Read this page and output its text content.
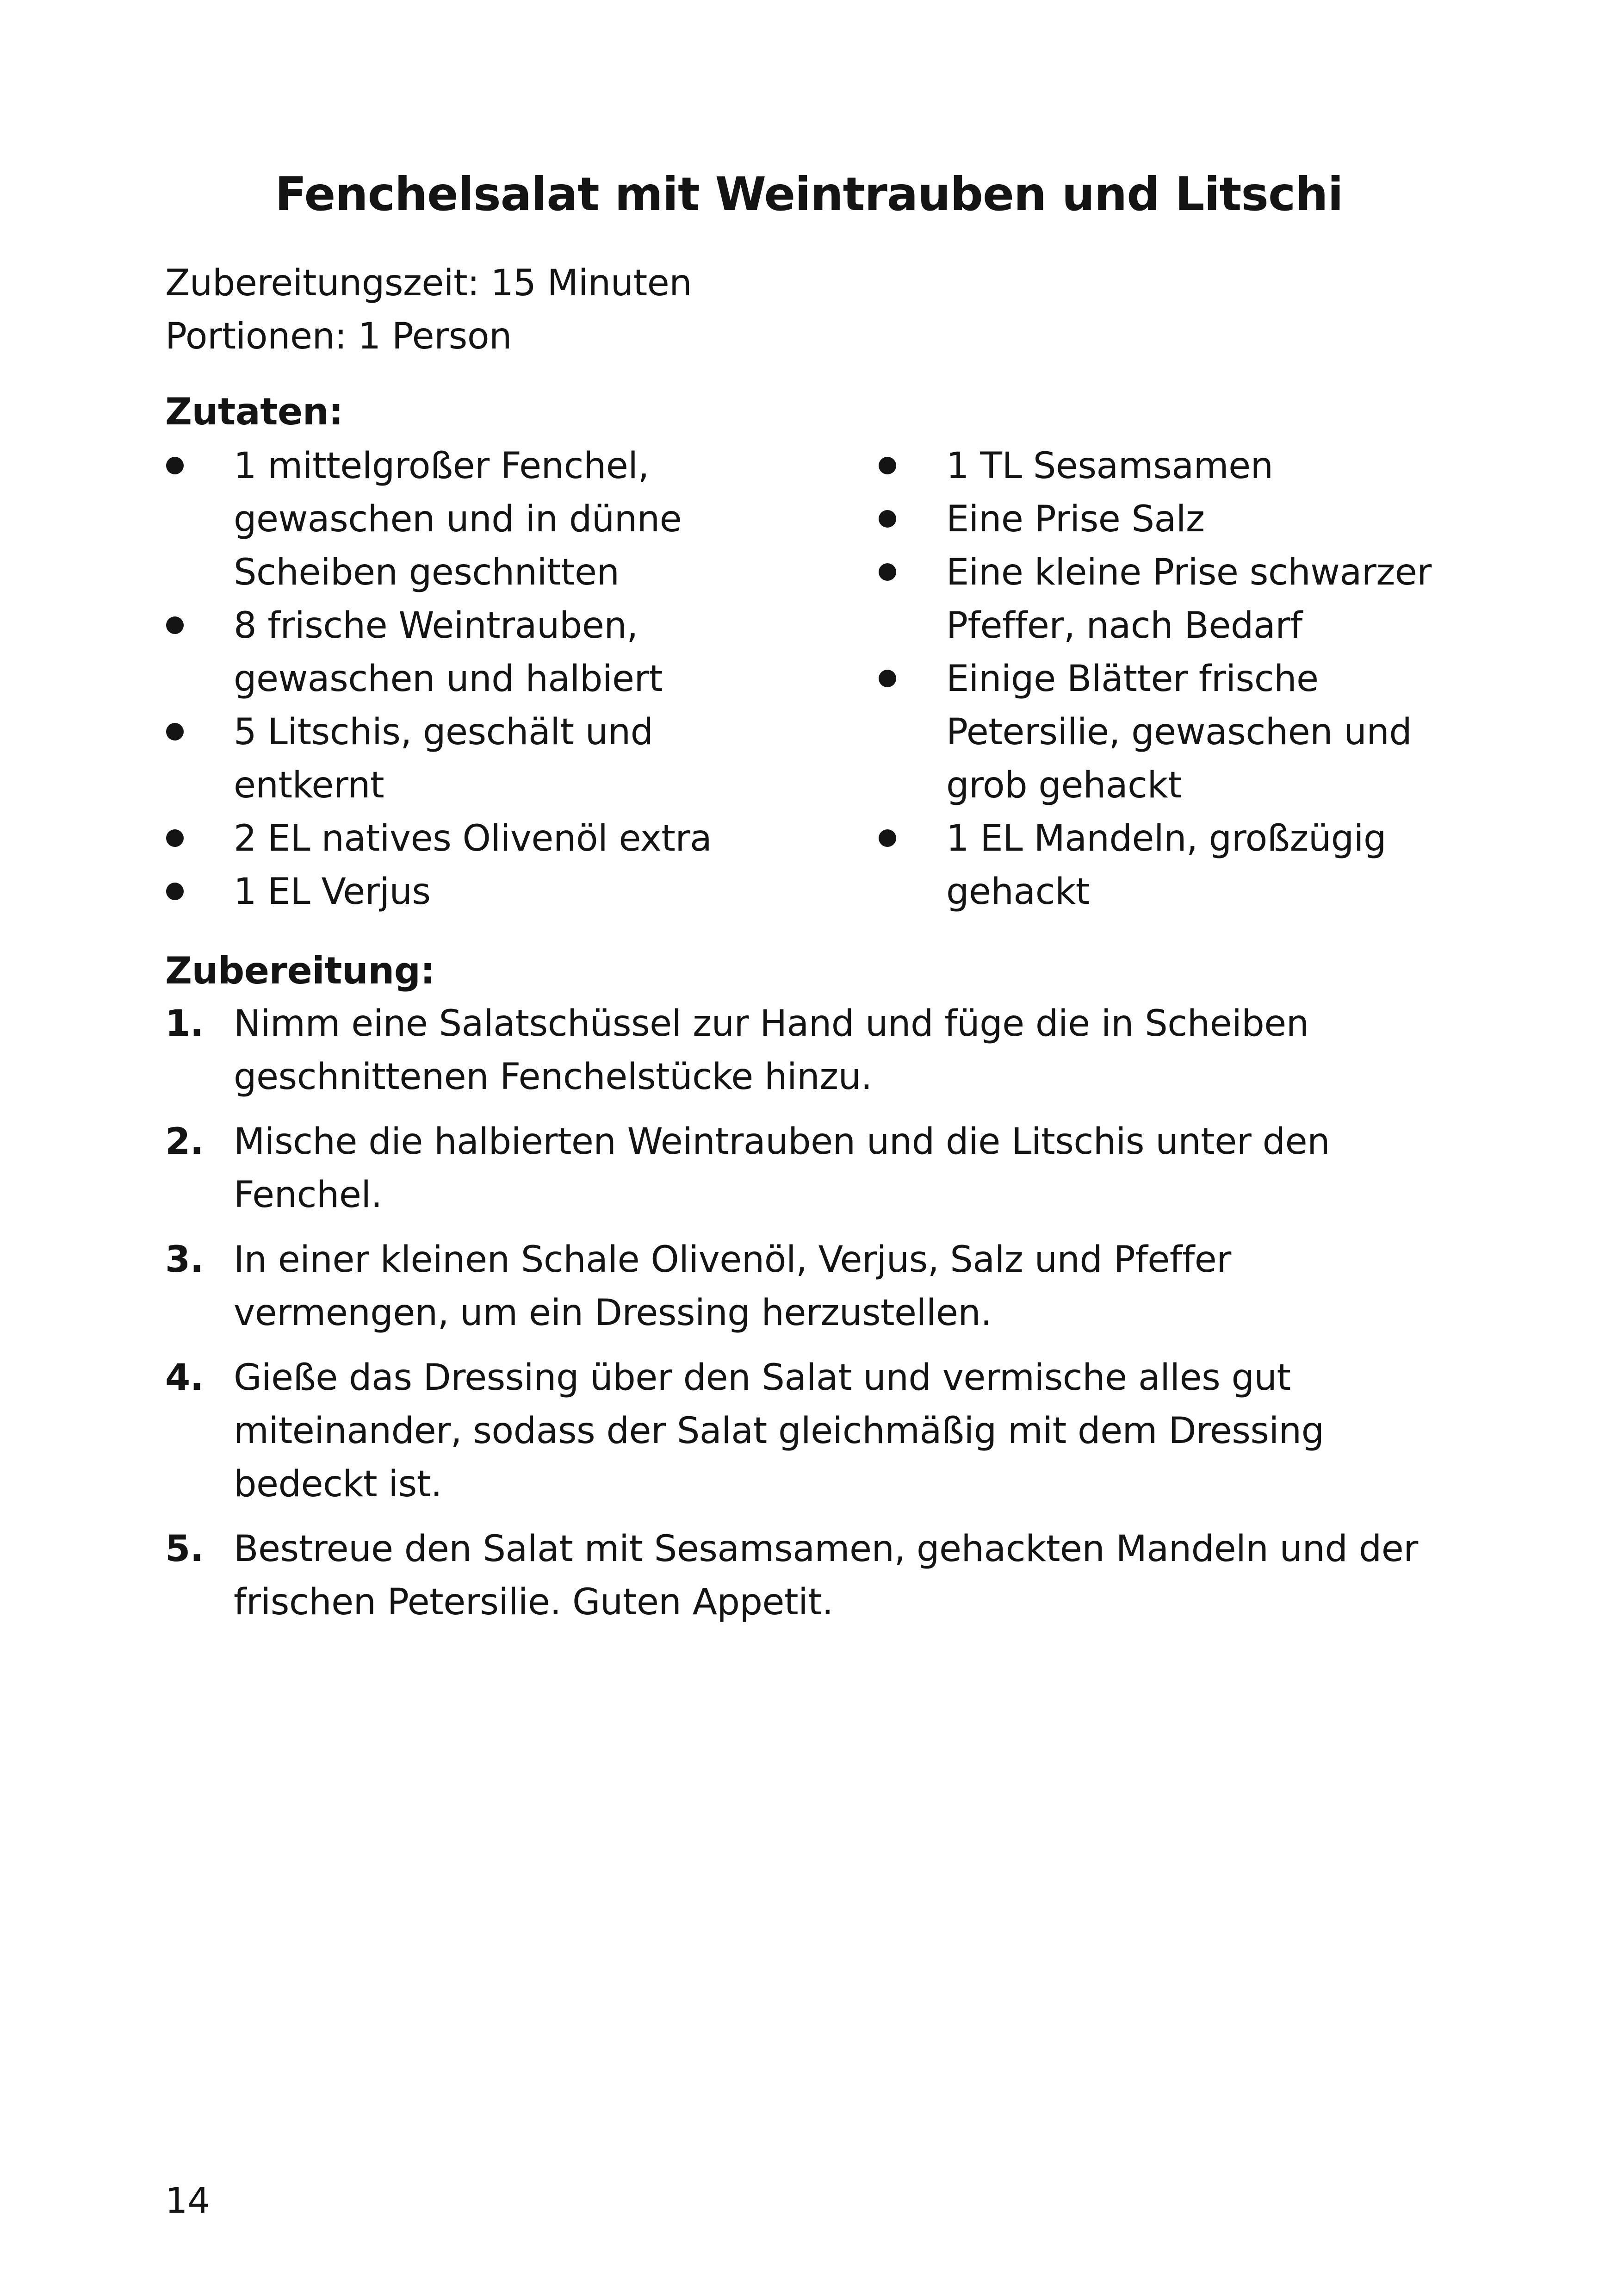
Fenchelsalat mit Weintrauben und Litschi
Zubereitungszeit: 15 Minuten
Portionen: 1 Person
Zutaten:
1 mittelgroßer Fenchel, gewaschen und in dünne Scheiben geschnitten
8 frische Weintrauben, gewaschen und halbiert
5 Litschis, geschält und entkernt
2 EL natives Olivenöl extra
1 EL Verjus
1 TL Sesamsamen
Eine Prise Salz
Eine kleine Prise schwarzer Pfeffer, nach Bedarf
Einige Blätter frische Petersilie, gewaschen und grob gehackt
1 EL Mandeln, großzügig gehackt
Zubereitung:
1. Nimm eine Salatschüssel zur Hand und füge die in Scheiben geschnittenen Fenchelstücke hinzu.
2. Mische die halbierten Weintrauben und die Litschis unter den Fenchel.
3. In einer kleinen Schale Olivenöl, Verjus, Salz und Pfeffer vermengen, um ein Dressing herzustellen.
4. Gieße das Dressing über den Salat und vermische alles gut miteinander, sodass der Salat gleichmäßig mit dem Dressing bedeckt ist.
5. Bestreue den Salat mit Sesamsamen, gehackten Mandeln und der frischen Petersilie. Guten Appetit.
14
